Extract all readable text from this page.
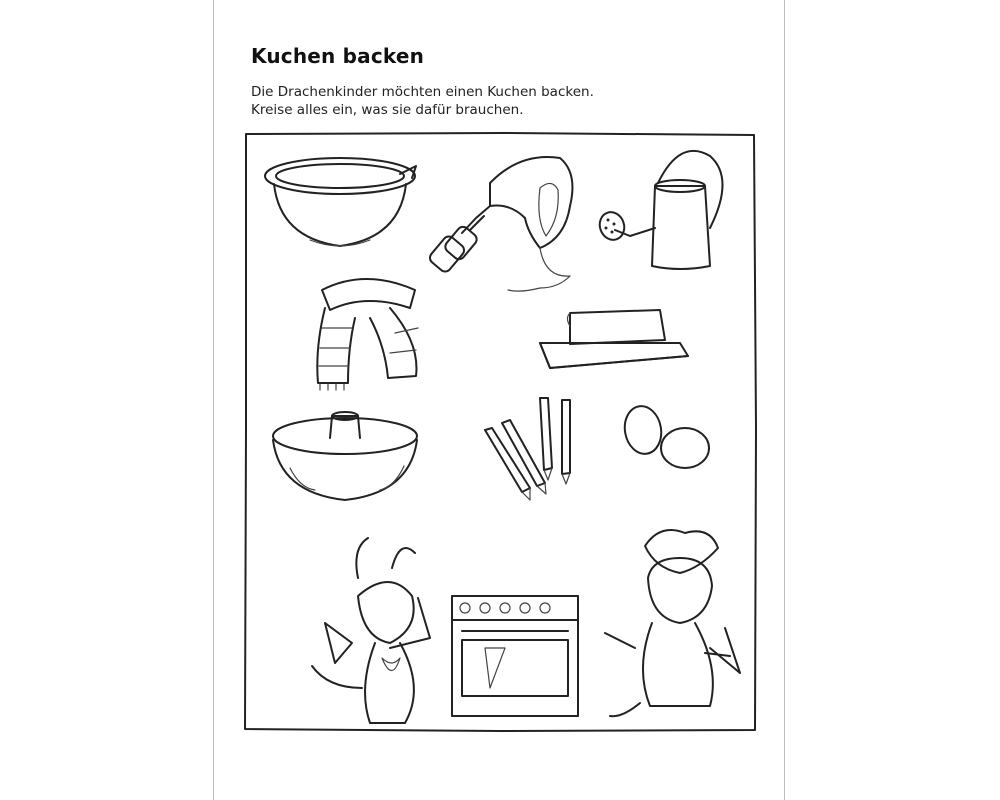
Kuchen backen
Die Drachenkinder möchten einen Kuchen backen.
Kreise alles ein, was sie dafür brauchen.
